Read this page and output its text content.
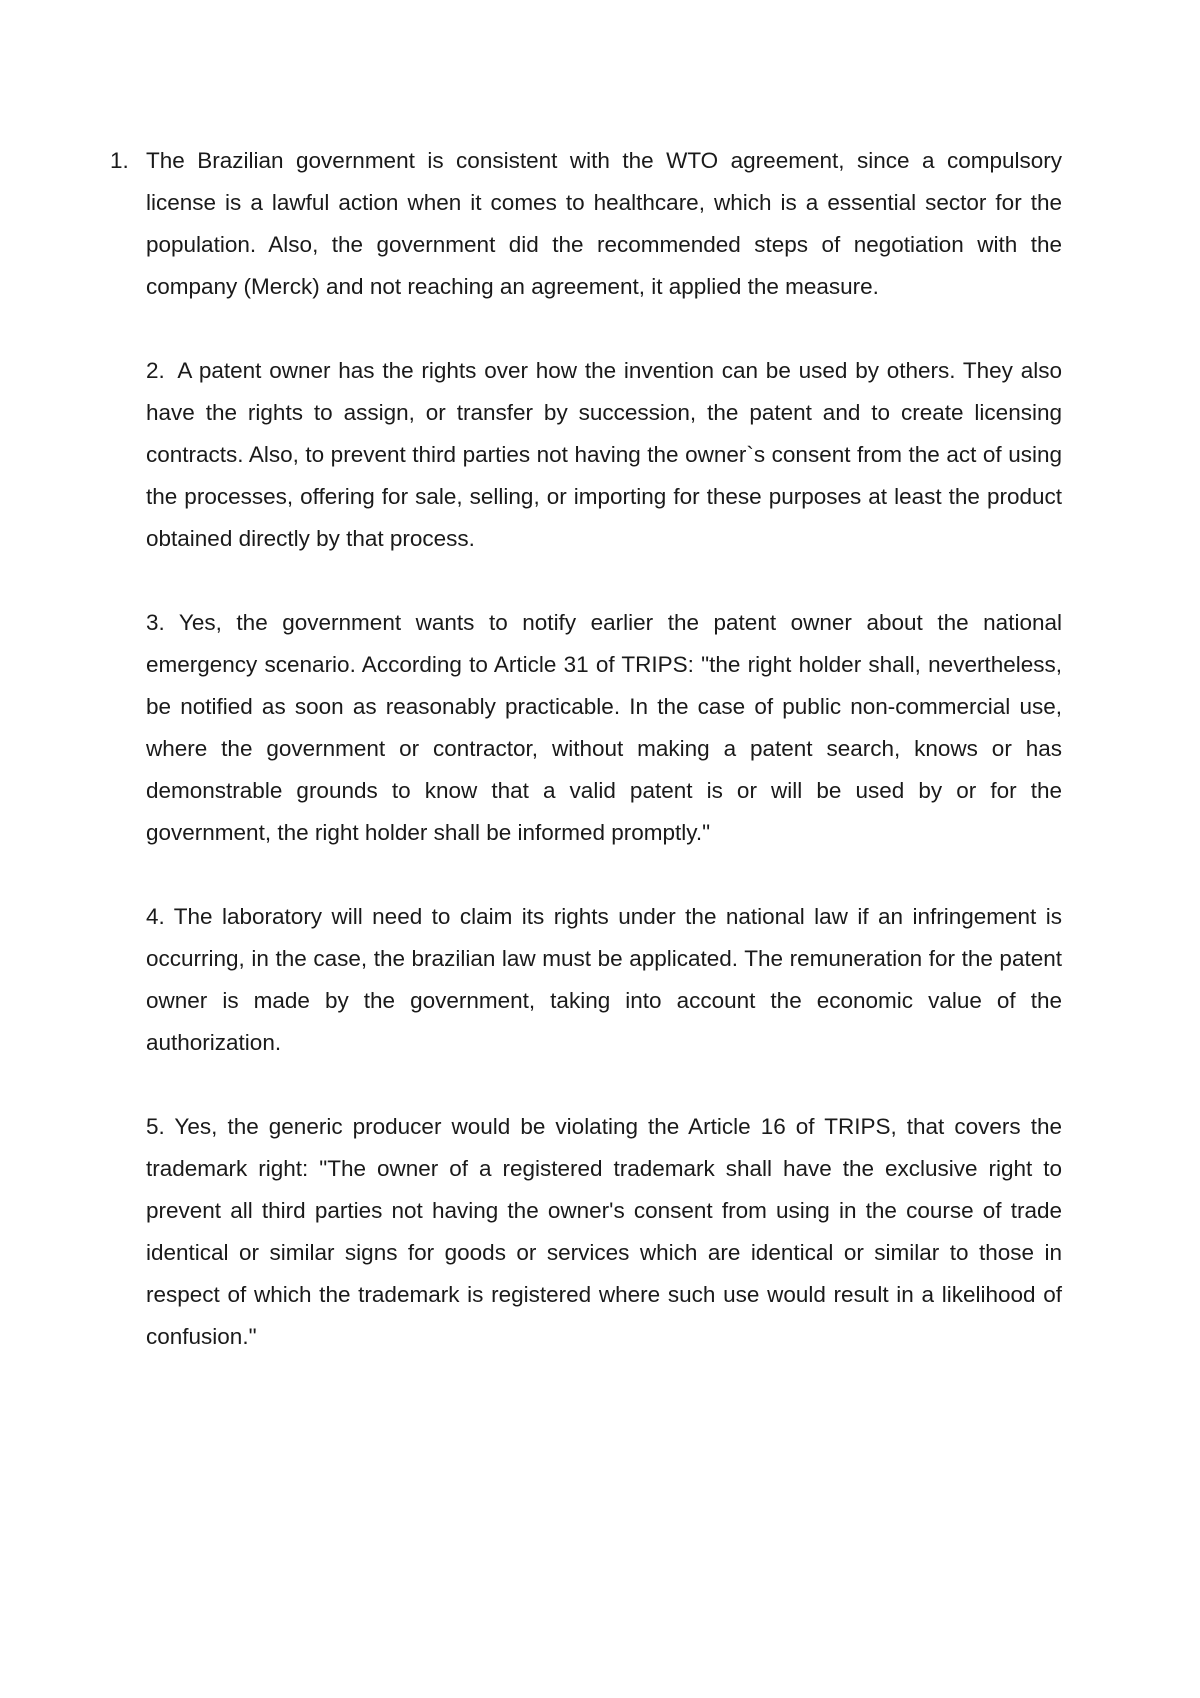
1. The Brazilian government is consistent with the WTO agreement, since a compulsory license is a lawful action when it comes to healthcare, which is a essential sector for the population. Also, the government did the recommended steps of negotiation with the company (Merck) and not reaching an agreement, it applied the measure.

2. A patent owner has the rights over how the invention can be used by others. They also have the rights to assign, or transfer by succession, the patent and to create licensing contracts. Also, to prevent third parties not having the owner`s consent from the act of using the processes, offering for sale, selling, or importing for these purposes at least the product obtained directly by that process.

3. Yes, the government wants to notify earlier the patent owner about the national emergency scenario. According to Article 31 of TRIPS: "the right holder shall, nevertheless, be notified as soon as reasonably practicable. In the case of public non-commercial use, where the government or contractor, without making a patent search, knows or has demonstrable grounds to know that a valid patent is or will be used by or for the government, the right holder shall be informed promptly."

4. The laboratory will need to claim its rights under the national law if an infringement is occurring, in the case, the brazilian law must be applicated. The remuneration for the patent owner is made by the government, taking into account the economic value of the authorization.

5. Yes, the generic producer would be violating the Article 16 of TRIPS, that covers the trademark right: "The owner of a registered trademark shall have the exclusive right to prevent all third parties not having the owner's consent from using in the course of trade identical or similar signs for goods or services which are identical or similar to those in respect of which the trademark is registered where such use would result in a likelihood of confusion."
